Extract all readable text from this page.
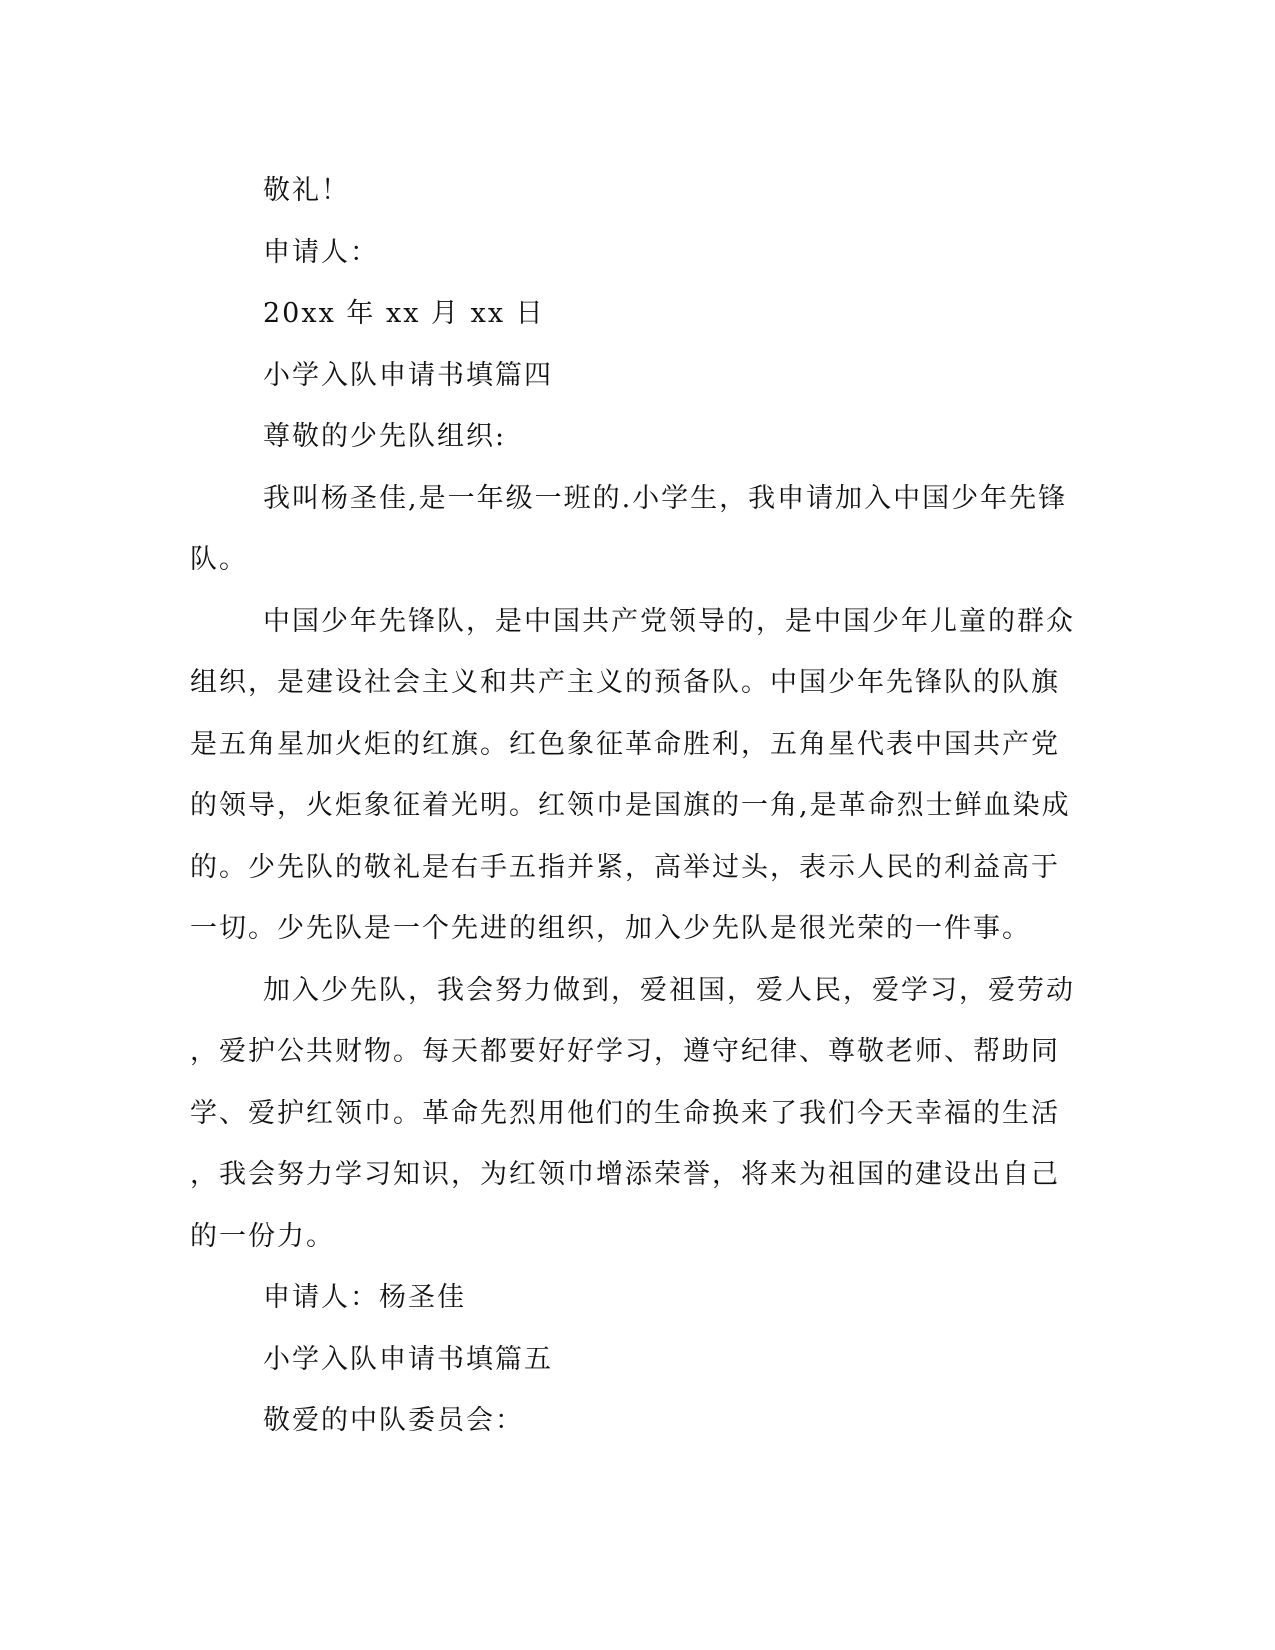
敬礼！

申请人：

20xx 年 xx 月 xx 日

小学入队申请书填篇四

尊敬的少先队组织:

我叫杨圣佳,是一年级一班的.小学生，我申请加入中国少年先锋
队。
中国少年先锋队，是中国共产党领导的，是中国少年儿童的群众
组织，是建设社会主义和共产主义的预备队。中国少年先锋队的队旗
是五角星加火炬的红旗。红色象征革命胜利，五角星代表中国共产党
的领导，火炬象征着光明。红领巾是国旗的一角,是革命烈士鲜血染成
的。少先队的敬礼是右手五指并紧，高举过头，表示人民的利益高于
一切。少先队是一个先进的组织，加入少先队是很光荣的一件事。
加入少先队，我会努力做到，爱祖国，爱人民，爱学习，爱劳动
，爱护公共财物。每天都要好好学习，遵守纪律、尊敬老师、帮助同
学、爱护红领巾。革命先烈用他们的生命换来了我们今天幸福的生活
，我会努力学习知识，为红领巾增添荣誉，将来为祖国的建设出自己
的一份力。

申请人：杨圣佳

小学入队申请书填篇五

敬爱的中队委员会：
